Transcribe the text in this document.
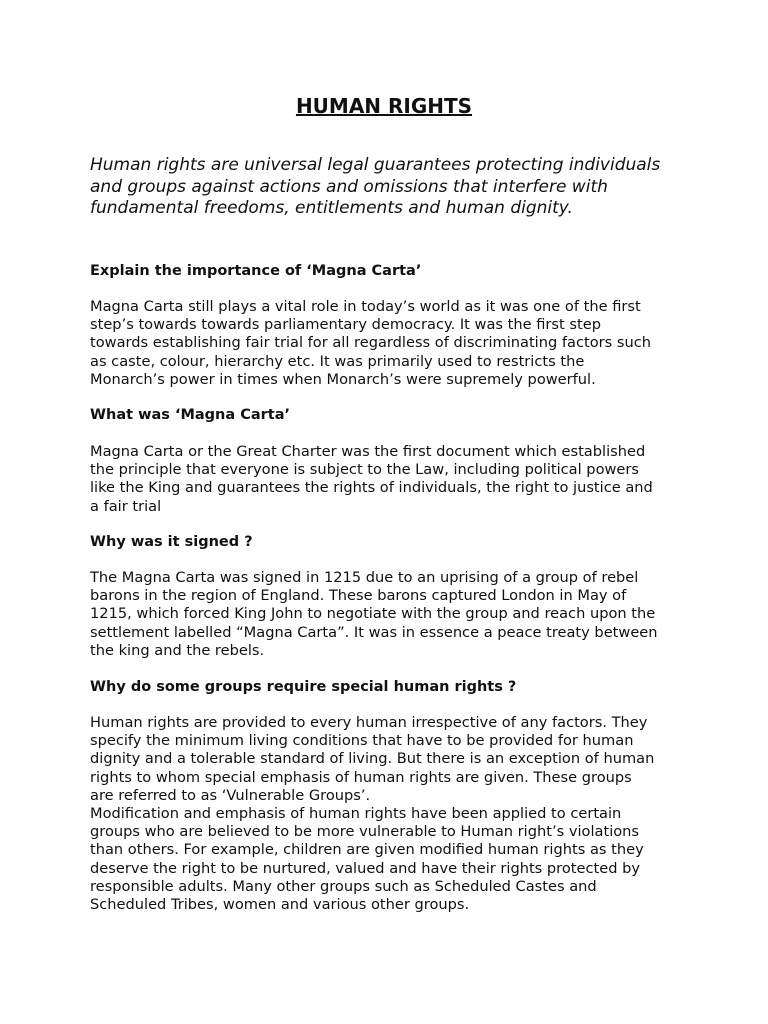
HUMAN RIGHTS

Human rights are universal legal guarantees protecting individuals and groups against actions and omissions that interfere with fundamental freedoms, entitlements and human dignity.

Explain the importance of ‘Magna Carta’

Magna Carta still plays a vital role in today’s world as it was one of the first
step’s towards towards parliamentary democracy. It was the first step
towards establishing fair trial for all regardless of discriminating factors such
as caste, colour, hierarchy etc. It was primarily used to restricts the
Monarch’s power in times when Monarch’s were supremely powerful.

What was ‘Magna Carta’

Magna Carta or the Great Charter was the first document which established
the principle that everyone is subject to the Law, including political powers
like the King and guarantees the rights of individuals, the right to justice and
a fair trial

Why was it signed ?

The Magna Carta was signed in 1215 due to an uprising of a group of rebel
barons in the region of England. These barons captured London in May of
1215, which forced King John to negotiate with the group and reach upon the
settlement labelled “Magna Carta”. It was in essence a peace treaty between
the king and the rebels.

Why do some groups require special human rights ?

Human rights are provided to every human irrespective of any factors. They
specify the minimum living conditions that have to be provided for human
dignity and a tolerable standard of living. But there is an exception of human
rights to whom special emphasis of human rights are given. These groups
are referred to as ‘Vulnerable Groups’.
Modification and emphasis of human rights have been applied to certain
groups who are believed to be more vulnerable to Human right’s violations
than others. For example, children are given modified human rights as they
deserve the right to be nurtured, valued and have their rights protected by
responsible adults. Many other groups such as Scheduled Castes and
Scheduled Tribes, women and various other groups.
